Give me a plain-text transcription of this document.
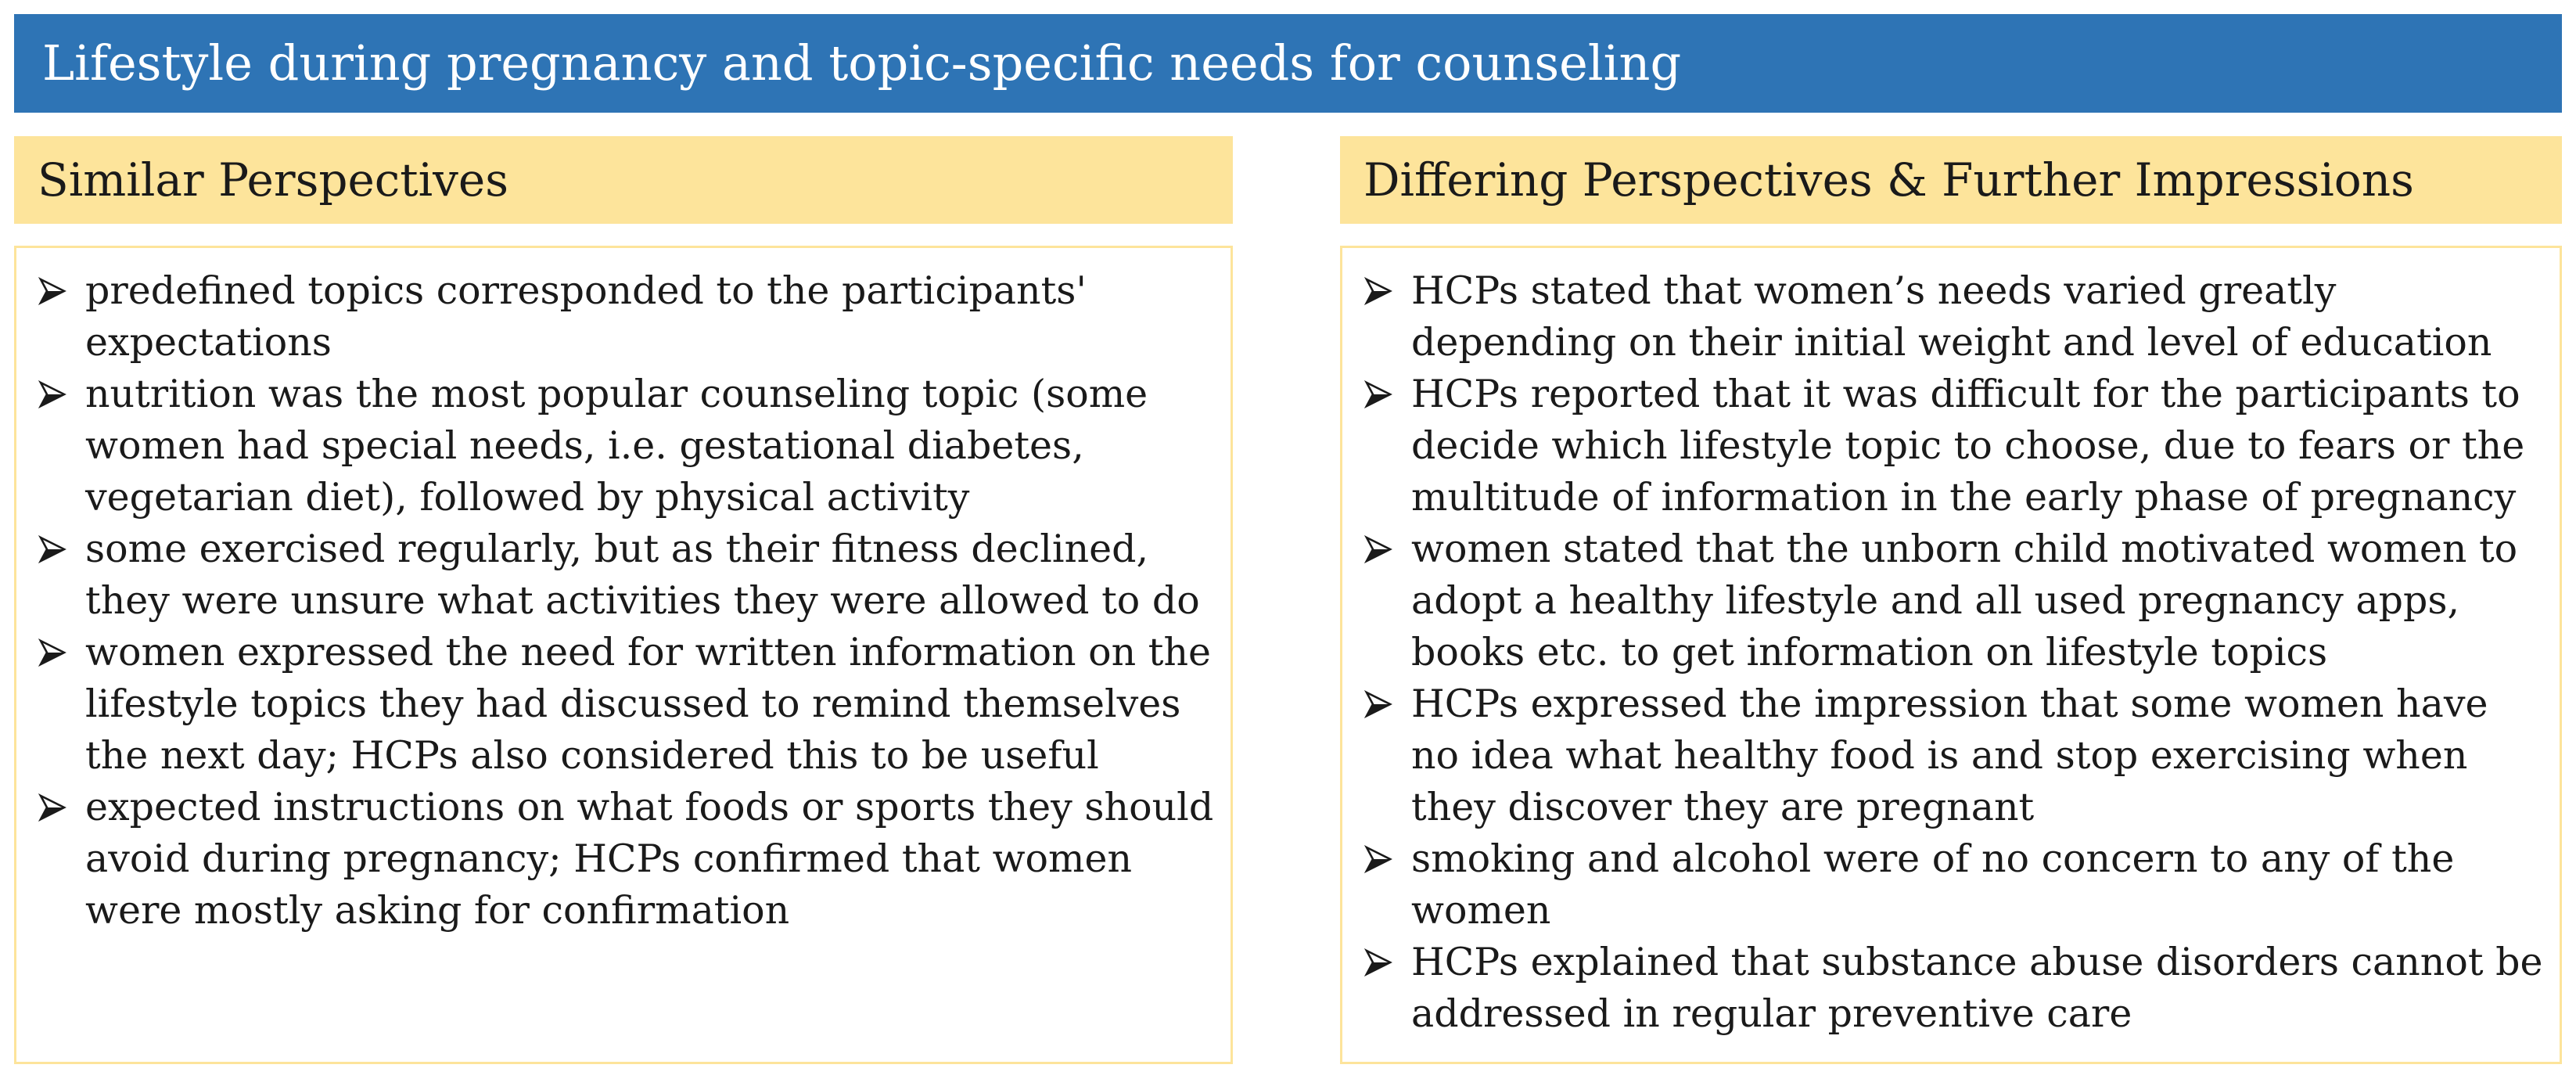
Lifestyle during pregnancy and topic-specific needs for counseling
Similar Perspectives	Differing Perspectives & Further Impressions
predefined topics corresponded to the participants' expectations
nutrition was the most popular counseling topic (some women had special needs, i.e. gestational diabetes, vegetarian diet), followed by physical activity
some exercised regularly, but as their fitness declined, they were unsure what activities they were allowed to do
women expressed the need for written information on the lifestyle topics they had discussed to remind themselves the next day; HCPs also considered this to be useful
expected instructions on what foods or sports they should avoid during pregnancy; HCPs confirmed that women were mostly asking for confirmation
HCPs stated that women’s needs varied greatly depending on their initial weight and level of education
HCPs reported that it was difficult for the participants to decide which lifestyle topic to choose, due to fears or the multitude of information in the early phase of pregnancy
women stated that the unborn child motivated women to adopt a healthy lifestyle and all used pregnancy apps, books etc. to get information on lifestyle topics
HCPs expressed the impression that some women have no idea what healthy food is and stop exercising when they discover they are pregnant
smoking and alcohol were of no concern to any of the women
HCPs explained that substance abuse disorders cannot be addressed in regular preventive care
